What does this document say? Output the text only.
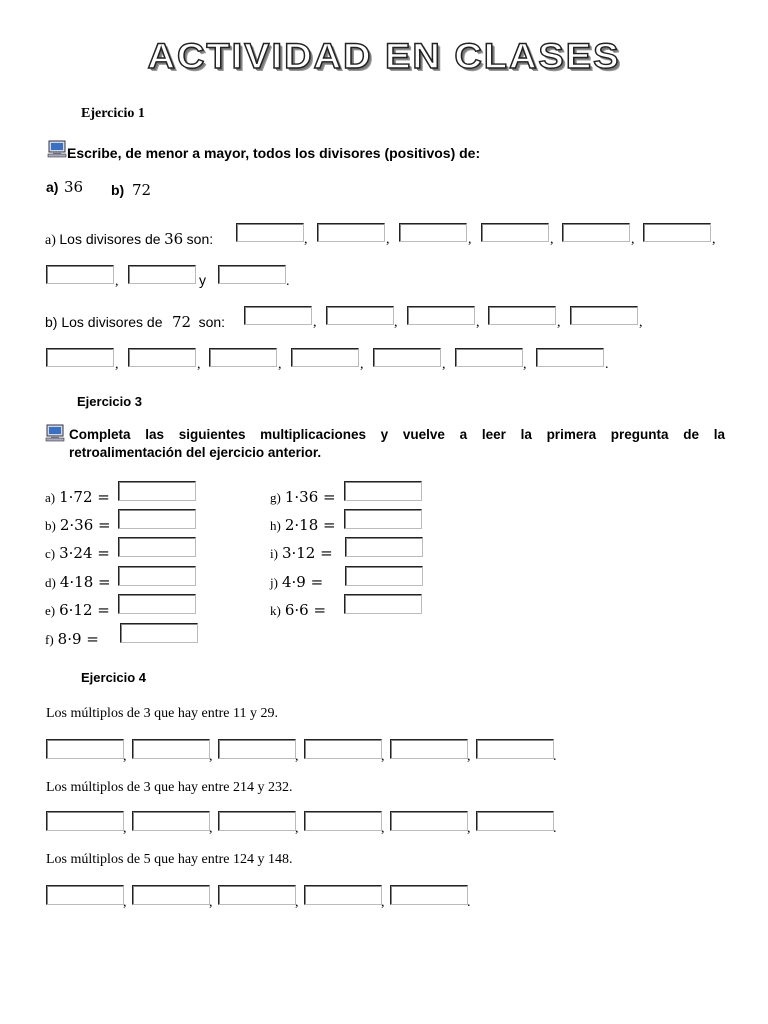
ACTIVIDAD EN CLASES
Ejercicio 1
Escribe, de menor a mayor, todos los divisores (positivos) de:
a) 36 b) 72
a) Los divisores de 36 son:	,	,	,	,	,	,
,	y	.
b) Los divisores de 72 son:	,	,	,	,	,
,	,	,	,	,	,	.
Ejercicio 3
Completa las siguientes multiplicaciones y vuelve a leer la primera pregunta de la
retroalimentación del ejercicio anterior.
a) 1·72 =
b) 2·36 =
c) 3·24 =
d) 4·18 =
e) 6·12 =
f) 8·9 =
g) 1·36 =
h) 2·18 =
i) 3·12 =
j) 4·9 =
k) 6·6 =
Ejercicio 4
Los múltiplos de 3 que hay entre 11 y 29.
,	,	,	,	,	.
Los múltiplos de 3 que hay entre 214 y 232.
,	,	,	,	,	.
Los múltiplos de 5 que hay entre 124 y 148.
,	,	,	,	.
